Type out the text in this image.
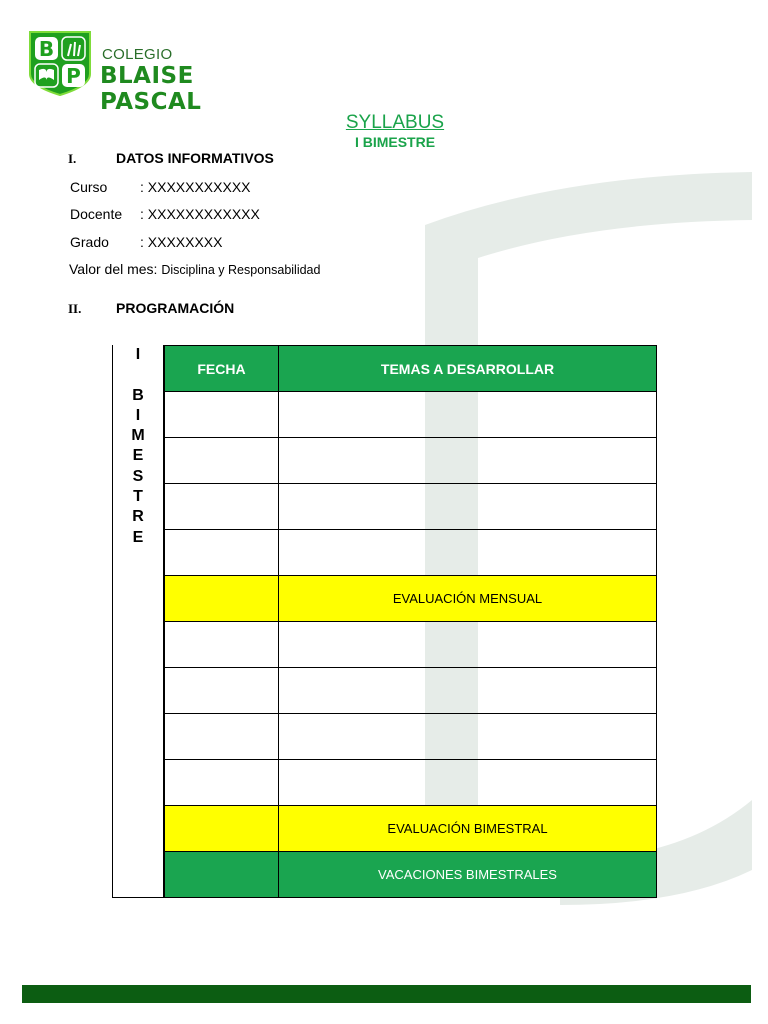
B
P
COLEGIO
BLAISE PASCAL
SYLLABUS
I BIMESTRE
I.	DATOS INFORMATIVOS
Curso : XXXXXXXXXXX
Docente : XXXXXXXXXXXX
Grado : XXXXXXXX
Valor del mes: Disciplina y Responsabilidad
II. PROGRAMACIÓN
I

B
I
M
E
S
T
R
E
FECHA	TEMAS A DESARROLLAR

	EVALUACIÓN MENSUAL

	EVALUACIÓN BIMESTRAL
	VACACIONES BIMESTRALES
